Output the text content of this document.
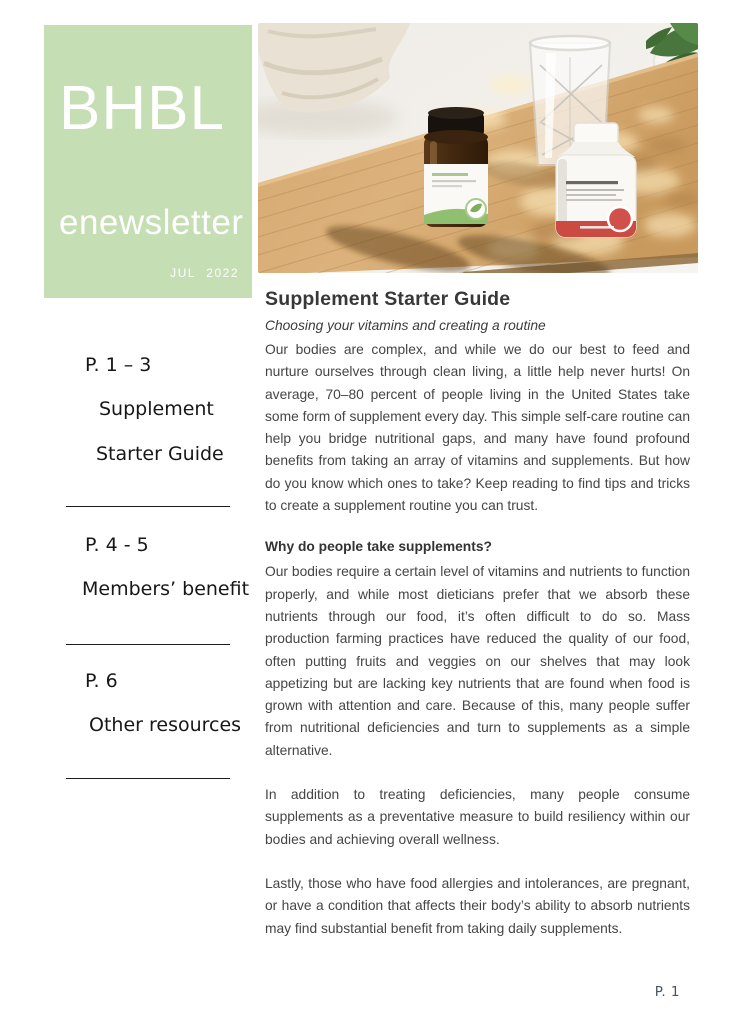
BHBL
enewsletter
JUL 2022
P. 1 – 3
Supplement
Starter Guide
P. 4 - 5
Members’ benefit
P. 6
Other resources
Supplement Starter Guide
Choosing your vitamins and creating a routine

Our bodies are complex, and while we do our best to feed and nurture ourselves through clean living, a little help never hurts! On average, 70–80 percent of people living in the United States take some form of supplement every day. This simple self-care routine can help you bridge nutritional gaps, and many have found profound benefits from taking an array of vitamins and supplements. But how do you know which ones to take? Keep reading to find tips and tricks to create a supplement routine you can trust.

Why do people take supplements?

Our bodies require a certain level of vitamins and nutrients to function properly, and while most dieticians prefer that we absorb these nutrients through our food, it’s often difficult to do so. Mass production farming practices have reduced the quality of our food, often putting fruits and veggies on our shelves that may look appetizing but are lacking key nutrients that are found when food is grown with attention and care. Because of this, many people suffer from nutritional deficiencies and turn to supplements as a simple alternative.

In addition to treating deficiencies, many people consume supplements as a preventative measure to build resiliency within our bodies and achieving overall wellness.

Lastly, those who have food allergies and intolerances, are pregnant, or have a condition that affects their body’s ability to absorb nutrients may find substantial benefit from taking daily supplements.

P. 1
